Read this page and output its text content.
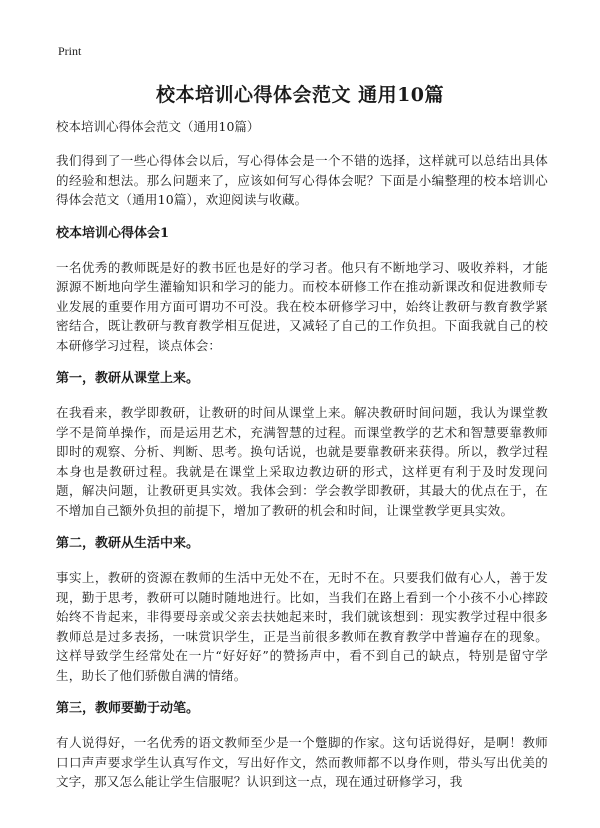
Print
校本培训心得体会范文 通用10篇

校本培训心得体会范文（通用10篇）

我们得到了一些心得体会以后，写心得体会是一个不错的选择，这样就可以总结出具体的经验和想法。那么问题来了，应该如何写心得体会呢？下面是小编整理的校本培训心得体会范文（通用10篇），欢迎阅读与收藏。

校本培训心得体会1

一名优秀的教师既是好的教书匠也是好的学习者。他只有不断地学习、吸收养料，才能源源不断地向学生灌输知识和学习的能力。而校本研修工作在推动新课改和促进教师专业发展的重要作用方面可谓功不可没。我在校本研修学习中，始终让教研与教育教学紧密结合，既让教研与教育教学相互促进，又减轻了自己的工作负担。下面我就自己的校本研修学习过程，谈点体会：

第一，教研从课堂上来。

在我看来，教学即教研，让教研的时间从课堂上来。解决教研时间问题，我认为课堂教学不是简单操作，而是运用艺术，充满智慧的过程。而课堂教学的艺术和智慧要靠教师即时的观察、分析、判断、思考。换句话说，也就是要靠教研来获得。所以，教学过程本身也是教研过程。我就是在课堂上采取边教边研的形式，这样更有利于及时发现问题，解决问题，让教研更具实效。我体会到：学会教学即教研，其最大的优点在于，在不增加自己额外负担的前提下，增加了教研的机会和时间，让课堂教学更具实效。

第二，教研从生活中来。

事实上，教研的资源在教师的生活中无处不在，无时不在。只要我们做有心人，善于发现，勤于思考，教研可以随时随地进行。比如，当我们在路上看到一个小孩不小心摔跤始终不肯起来，非得要母亲或父亲去扶她起来时，我们就该想到：现实教学过程中很多教师总是过多表扬，一味赏识学生，正是当前很多教师在教育教学中普遍存在的现象。这样导致学生经常处在一片“好好好”的赞扬声中，看不到自己的缺点，特别是留守学生，助长了他们骄傲自满的情绪。

第三，教师要勤于动笔。

有人说得好，一名优秀的语文教师至少是一个蹩脚的作家。这句话说得好，是啊！教师口口声声要求学生认真写作文，写出好作文，然而教师都不以身作则，带头写出优美的文字，那又怎么能让学生信服呢？认识到这一点，现在通过研修学习，我
